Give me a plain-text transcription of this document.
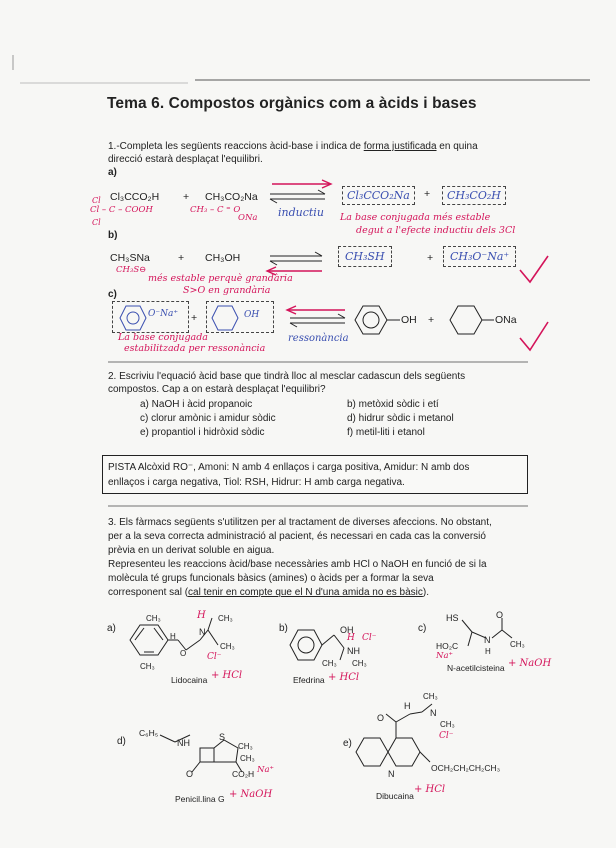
Tema 6. Compostos orgànics com a àcids i bases
1.-Completa les següents reaccions àcid-base i indica de forma justificada en quina
direcció estarà desplaçat l'equilibri.
a)
Cl₃CCO₂H + CH₃CO₂Na
Cl
Cl – C – COOH
Cl
CH₃ – C ⁼ O
ONa inductiu
Cl₃CCO₂Na	+	CH₃CO₂H
La base conjugada més estable
degut a l'efecte inductiu dels 3Cl
b)
CH₃SNa	+ CH₃OH
CH₃S⊖
més estable perquè grandària
S>O en grandària
CH₃SH	+	CH₃O⁻Na⁺
c)
O⁻Na⁺ +	OH
La base conjugada
estabilitzada per ressonància
ressonància
OH +	ONa
2. Escriviu l'equació àcid base que tindrà lloc al mesclar cadascun dels següents
compostos. Cap a on estarà desplaçat l'equilibri?
a) NaOH i àcid propanoic	b) metòxid sòdic i etí
c) clorur amònic i amidur sòdic	d) hidrur sòdic i metanol
e) propantiol i hidròxid sòdic	f) metil-liti i etanol
PISTA Alcòxid RO⁻, Amoni: N amb 4 enllaços i carga positiva, Amidur: N amb dos
enllaços i carga negativa, Tiol: RSH, Hidrur: H amb carga negativa.
3. Els fàrmacs següents s'utilitzen per al tractament de diverses afeccions. No obstant,
per a la seva correcta administració al pacient, és necessari en cada cas la conversió
prèvia en un derivat soluble en aigua.
Representeu les reaccions àcid/base necessàries amb HCl o NaOH en funció de si la
molècula té grups funcionals bàsics (amines) o àcids per a formar la seva
corresponent sal (cal tenir en compte que el N d'una amida no es bàsic).
a)	b)	c)
d)	e)
CH₃
CH₃
H
O
N
CH₃
CH₃
H
Cl⁻
Lidocaina + HCl
OH
NH
CH₃ CH₃
H Cl⁻
Efedrina + HCl
HS
HO₂C
N
H
O
CH₃
Na⁺
N-acetilcisteina + NaOH
C₆H₅
NH
S
CH₃
CH₃
O	CO₂H Na⁺
Penicil.lina G + NaOH
O
H
CH₃
N
CH₃
N
OCH₂CH₂CH₂CH₃
Cl⁻
Dibucaina
+ HCl
